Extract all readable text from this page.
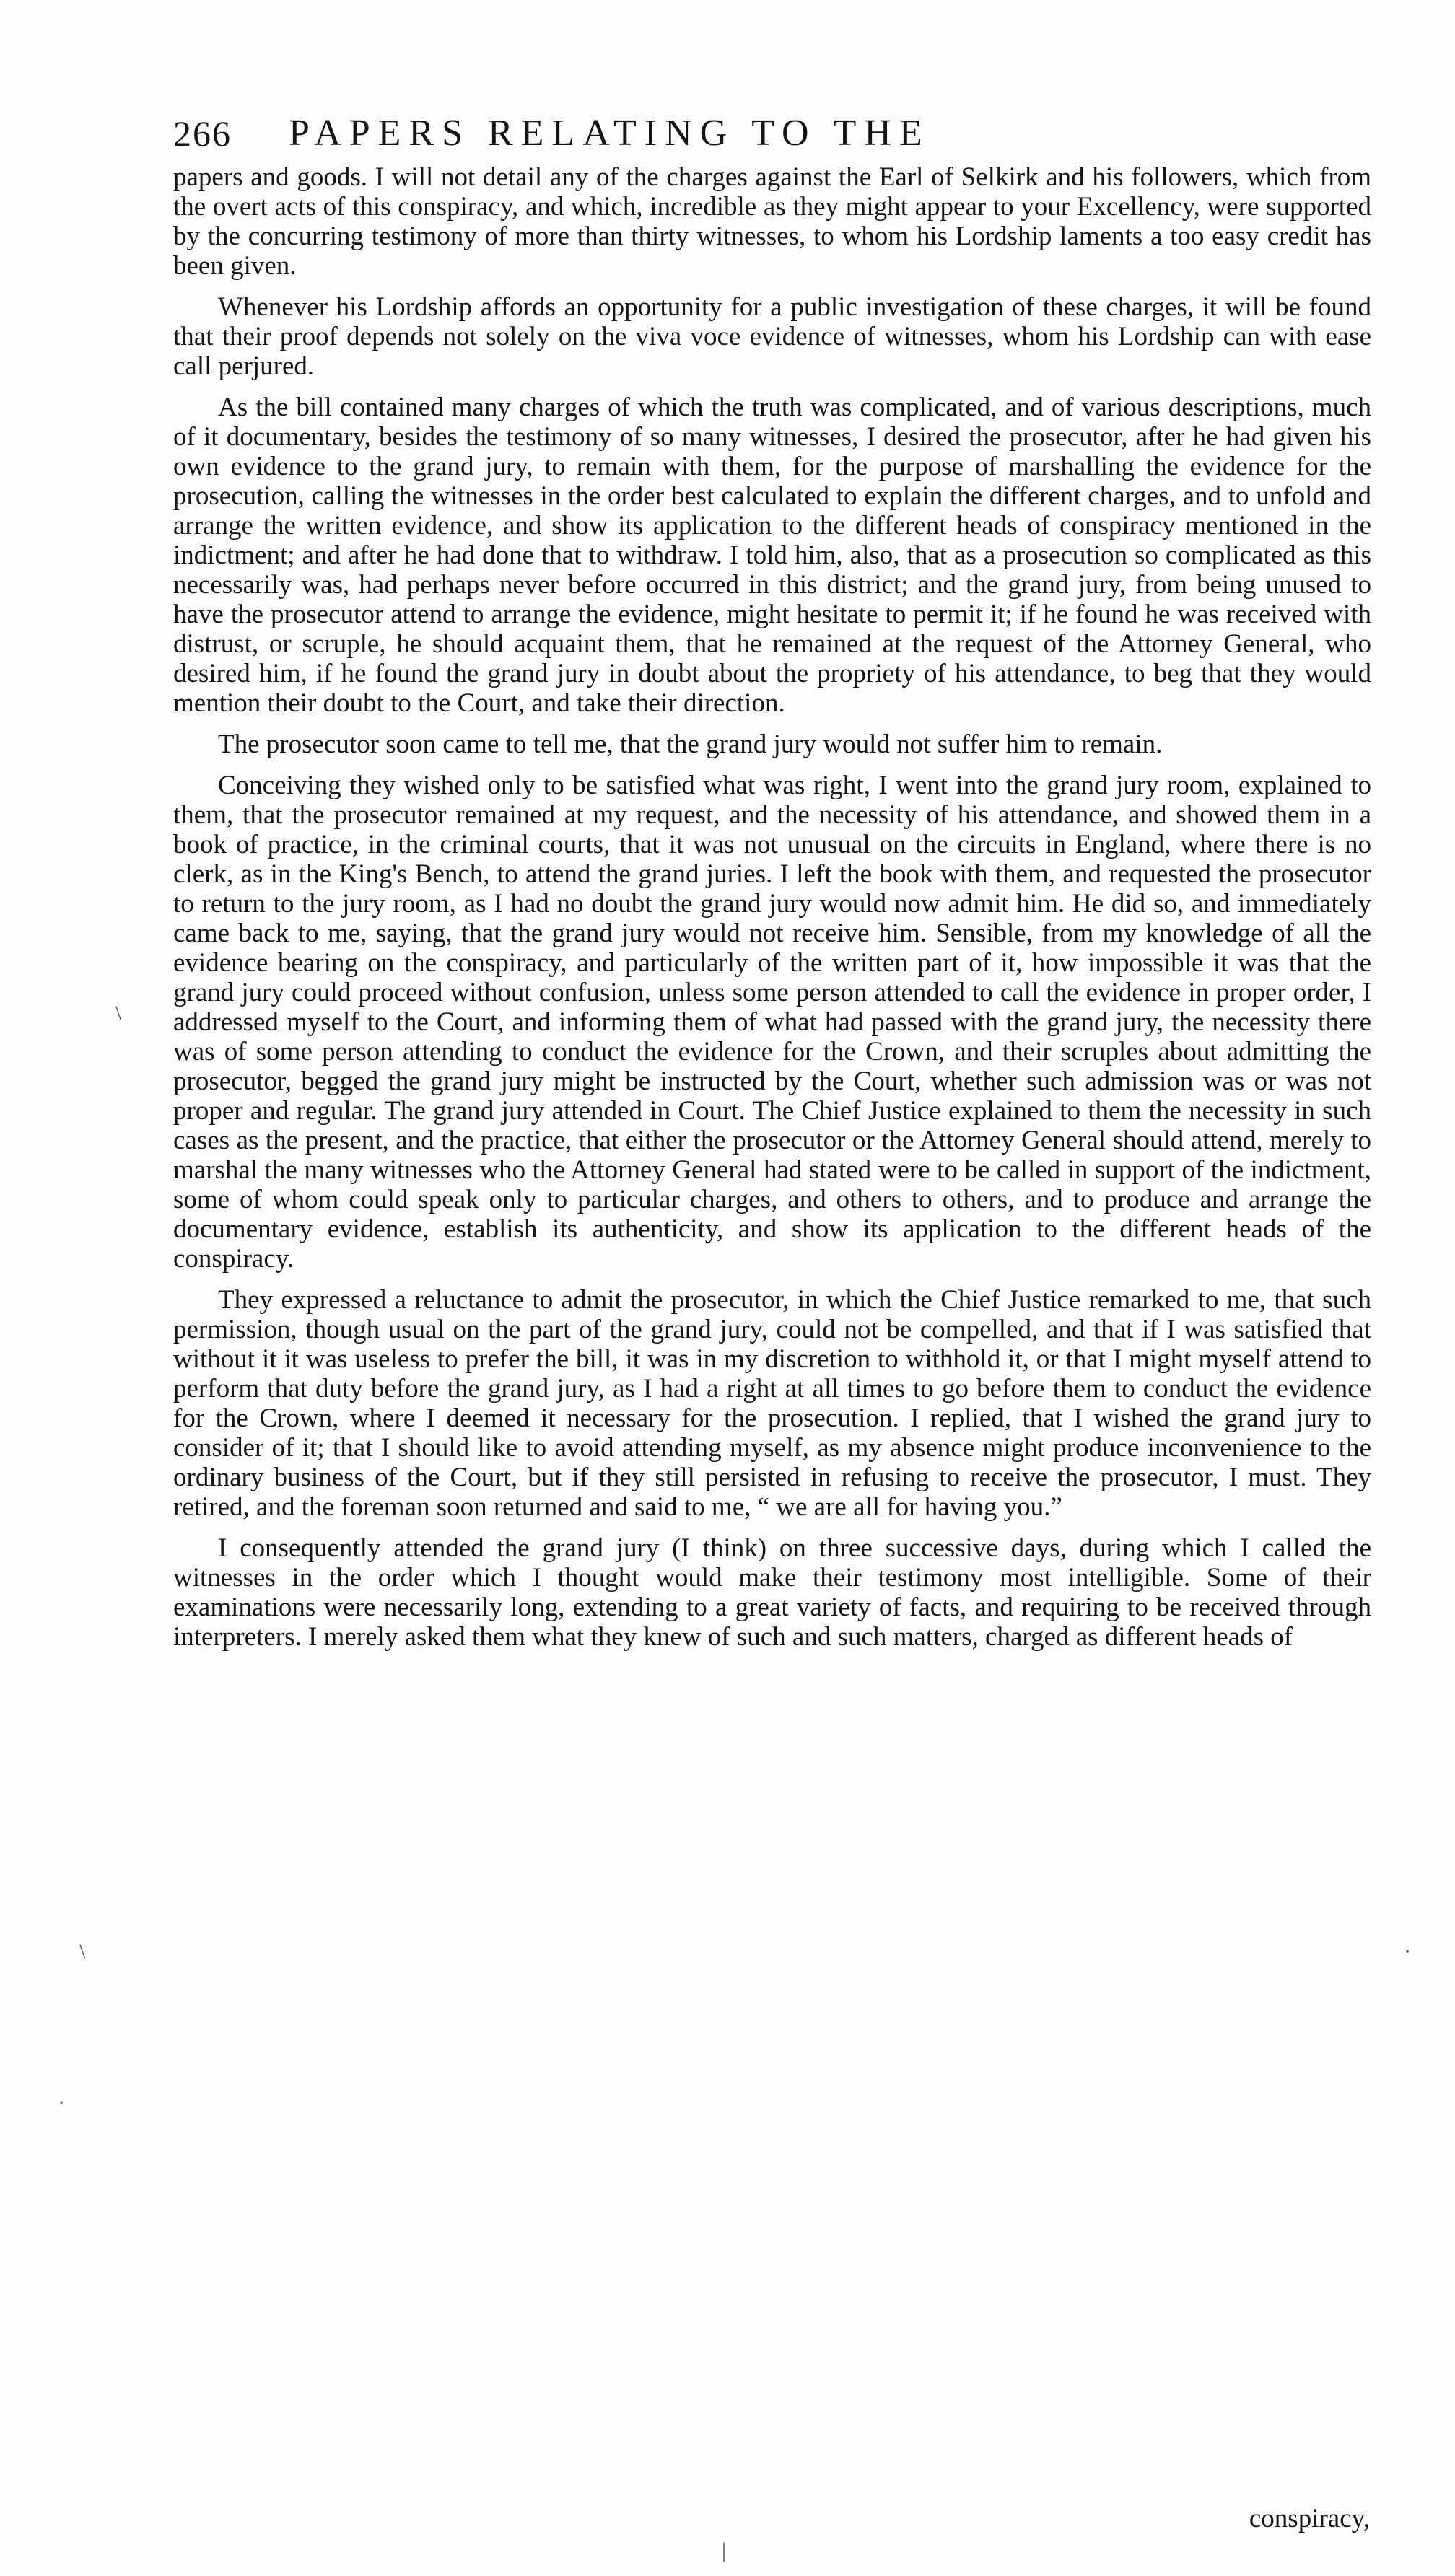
266 PAPERS RELATING TO THE

papers and goods. I will not detail any of the charges against the Earl of Selkirk and his followers, which from the overt acts of this conspiracy, and which, incredible as they might appear to your Excellency, were supported by the concurring testimony of more than thirty witnesses, to whom his Lordship laments a too easy credit has been given.

Whenever his Lordship affords an opportunity for a public investigation of these charges, it will be found that their proof depends not solely on the viva voce evidence of witnesses, whom his Lordship can with ease call perjured.

As the bill contained many charges of which the truth was complicated, and of various descriptions, much of it documentary, besides the testimony of so many witnesses, I desired the prosecutor, after he had given his own evidence to the grand jury, to remain with them, for the purpose of marshalling the evidence for the prosecution, calling the witnesses in the order best calculated to explain the different charges, and to unfold and arrange the written evidence, and show its application to the different heads of conspiracy mentioned in the indictment; and after he had done that to withdraw. I told him, also, that as a prosecution so complicated as this necessarily was, had perhaps never before occurred in this district; and the grand jury, from being unused to have the prosecutor attend to arrange the evidence, might hesitate to permit it; if he found he was received with distrust, or scruple, he should acquaint them, that he remained at the request of the Attorney General, who desired him, if he found the grand jury in doubt about the propriety of his attendance, to beg that they would mention their doubt to the Court, and take their direction.

The prosecutor soon came to tell me, that the grand jury would not suffer him to remain.

Conceiving they wished only to be satisfied what was right, I went into the grand jury room, explained to them, that the prosecutor remained at my request, and the necessity of his attendance, and showed them in a book of practice, in the criminal courts, that it was not unusual on the circuits in England, where there is no clerk, as in the King's Bench, to attend the grand juries. I left the book with them, and requested the prosecutor to return to the jury room, as I had no doubt the grand jury would now admit him. He did so, and immediately came back to me, saying, that the grand jury would not receive him. Sensible, from my knowledge of all the evidence bearing on the conspiracy, and particularly of the written part of it, how impossible it was that the grand jury could proceed without confusion, unless some person attended to call the evidence in proper order, I addressed myself to the Court, and informing them of what had passed with the grand jury, the necessity there was of some person attending to conduct the evidence for the Crown, and their scruples about admitting the prosecutor, begged the grand jury might be instructed by the Court, whether such admission was or was not proper and regular. The grand jury attended in Court. The Chief Justice explained to them the necessity in such cases as the present, and the practice, that either the prosecutor or the Attorney General should attend, merely to marshal the many witnesses who the Attorney General had stated were to be called in support of the indictment, some of whom could speak only to particular charges, and others to others, and to produce and arrange the documentary evidence, establish its authenticity, and show its application to the different heads of the conspiracy.

They expressed a reluctance to admit the prosecutor, in which the Chief Justice remarked to me, that such permission, though usual on the part of the grand jury, could not be compelled, and that if I was satisfied that without it it was useless to prefer the bill, it was in my discretion to withhold it, or that I might myself attend to perform that duty before the grand jury, as I had a right at all times to go before them to conduct the evidence for the Crown, where I deemed it necessary for the prosecution. I replied, that I wished the grand jury to consider of it; that I should like to avoid attending myself, as my absence might produce inconvenience to the ordinary business of the Court, but if they still persisted in refusing to receive the prosecutor, I must. They retired, and the foreman soon returned and said to me, “ we are all for having you.”

I consequently attended the grand jury (I think) on three successive days, during which I called the witnesses in the order which I thought would make their testimony most intelligible. Some of their examinations were necessarily long, extending to a great variety of facts, and requiring to be received through interpreters. I merely asked them what they knew of such and such matters, charged as different heads of

conspiracy,
\
\
·
·
|
